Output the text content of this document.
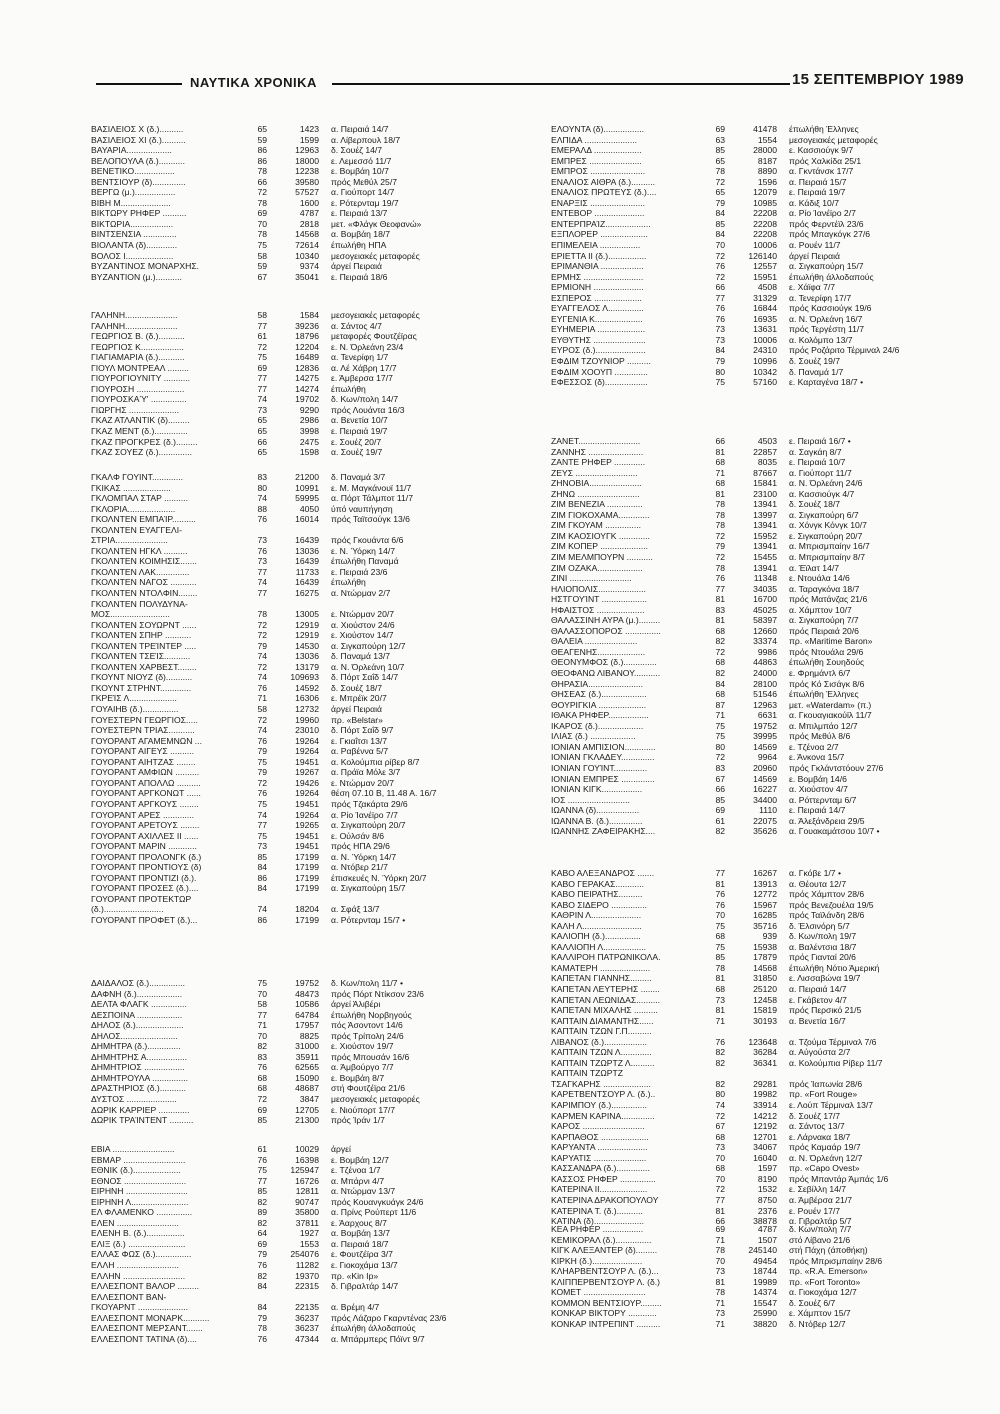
ΝΑΥΤΙΚΑ ΧΡΟΝΙΚΑ	15 ΣΕΠΤΕΜΒΡΙΟΥ 1989
ΒΑΣΙΛΕΙΟΣ Χ (δ.)..........	65	1423 α. Πειραιά 14/7
ΒΑΣΙΛΕΙΟΣ ΧΙ (δ.)..........	59	1599 α. Λίβερπουλ 18/7
ΒΑΥΑΡΙΑ...................	86	12963 δ. Σουέζ 14/7
ΒΕΛΟΠΟΥΛΑ (δ.)...........	86	18000 ε. Λεμεσσό 11/7
ΒΕΝΕΤΙΚΟ.................	78	12238 ε. Βομβάη 10/7
ΒΕΝΤΣΙΟΥΡ (δ)..............	66	39580 πρός Μεθύλ 25/7
ΒΕΡΓΩ (μ.).................	72	57527 α. Γιούπορτ 14/7
ΒΙΒΗ Μ.....................	78	1600 ε. Ρότερνταμ 19/7
ΒΙΚΤΩΡΥ ΡΗΦΕΡ ..........	69	4787 ε. Πειραιά 13/7
ΒΙΚΤΩΡΙΑ..................	70	2818 μετ. «Φλάγκ Θεοφανώ»
ΒΙΝΤΣΕΝΣΙΑ ..............	78	14568 α. Βομβάη 18/7
ΒΙΟΛΑΝΤΑ (δ).............	75	72614 έπωλήθη ΗΠΑ
ΒΟΛΟΣ Ι....................	58	10340 μεσογειακές μεταφορές
ΒΥΖΑΝΤΙΝΟΣ ΜΟΝΑΡΧΗΣ.	59	9374 άργεί Πειραιά
ΒΥΖΑΝΤΙΟΝ (μ.)...........	67	35041 ε. Πειραιά 18/6
ΓΑΛΗΝΗ......................	58	1584 μεσογειακές μεταφορές
ΓΑΛΗΝΗ......................	77	39236 α. Σάντος 4/7
ΓΕΩΡΓΙΟΣ Β. (δ.)...........	61	18796 μεταφορές Φουτζέϊρας
ΓΕΩΡΓΙΟΣ Κ..................	72	12204 ε. Ν. Όρλεάνη 23/4
ΓΙΑΓΙΑΜΑΡΙΑ (δ.)...........	75	16489 α. Τενερίφη 1/7
ΓΙΟΥΛ ΜΟΝΤΡΕΑΛ .........	69	12836 α. Λέ Χάβρη 17/7
ΓΙΟΥΡΟΓΙΟΥΝΙΤΥ ...........	77	14275 ε. Άμβερσα 17/7
ΓΙΟΥΡΟΣΗ ....................	77	14274 έπωλήθη
ΓΙΟΥΡΟΣΚΑΎ' ...............	74	19702 δ. Κων/πολη 14/7
ΓΙΩΡΓΗΣ .....................	73	9290 πρός Λουάντα 16/3
ΓΚΑΖ ΑΤΛΑΝΤΙΚ (δ).........	65	2986 α. Βενετία 10/7
ΓΚΑΖ ΜΕΝΤ (δ.)..............	65	3998 ε. Πειραιά 19/7
ΓΚΑΖ ΠΡΟΓΚΡΕΣ (δ.).........	66	2475 ε. Σουέζ 20/7
ΓΚΑΖ ΣΟΥΕΖ (δ.)..............	65	1598 α. Σουέζ 19/7
ΓΚΑΛΦ ΓΟΥΙΝΤ.............	83	21200 δ. Παναμά 3/7
ΓΚΙΚΑΣ ....................	80	10991 ε. Μ. Μαγκάνουϊ 11/7
ΓΚΛΟΜΠΑΛ ΣΤΑΡ ..........	74	59995 α. Πόρτ Τάλμποτ 11/7
ΓΚΛΟΡΙΑ....................	88	4050 ύπό ναυπήγηση
ΓΚΟΛΝΤΕΝ ΕΜΠΑΊΡ..........	76	16014 πρός Ταϊτσούγκ 13/6
ΓΚΟΛΝΤΕΝ ΕΥΑΓΓΕΛΙ-
ΣΤΡΙΑ......................	73	16439 πρός Γκουάντα 6/6
ΓΚΟΛΝΤΕΝ ΗΓΚΛ ..........	76	13036 ε. Ν. Ύόρκη 14/7
ΓΚΟΛΝΤΕΝ ΚΟΙΜΗΣΙΣ.......	73	16439 έπωλήθη Παναμά
ΓΚΟΛΝΤΕΝ ΛΑΚ..............	77	11733 ε. Πειραιά 23/6
ΓΚΟΛΝΤΕΝ ΝΑΓΟΣ ...........	74	16439 έπωλήθη
ΓΚΟΛΝΤΕΝ ΝΤΟΛΦΙΝ........	77	16275 α. Ντώρμαν 2/7
ΓΚΟΛΝΤΕΝ ΠΟΛΥΔΥΝΑ-
ΜΟΣ.........................	78	13005 ε. Ντώρμαν 20/7
ΓΚΟΛΝΤΕΝ ΣΟΥΩΡΝΤ ......	72	12919 α. Χιούστον 24/6
ΓΚΟΛΝΤΕΝ ΣΠΗΡ ...........	72	12919 ε. Χιούστον 14/7
ΓΚΟΛΝΤΕΝ ΤΡΕΊΝΤΕΡ .....	79	14530 α. Σιγκαπούρη 12/7
ΓΚΟΛΝΤΕΝ ΤΣΕΊΣ...........	74	13036 δ. Παναμά 13/7
ΓΚΟΛΝΤΕΝ ΧΑΡΒΕΣΤ........	72	13179 α. Ν. Όρλεάνη 10/7
ΓΚΟΥΝΤ ΝΙΟΥΖ (δ)...........	74	109693 δ. Πόρτ Σαΐδ 14/7
ΓΚΟΥΝΤ ΣΤΡΗΝΤ.............	76	14592 δ. Σουέζ 18/7
ΓΚΡΕΊΣ Λ....................	71	16306 ε. Μπρέϊκ 20/7
ΓΟΥΑΙΗΒ (δ.)...............	58	12732 άργεί Πειραιά
ΓΟΥΕΣΤΕΡΝ ΓΕΩΡΓΙΟΣ.....	72	19960 πρ. «Belstar»
ΓΟΥΕΣΤΕΡΝ ΤΡΙΑΣ...........	74	23010 δ. Πόρτ Σαΐδ 9/7
ΓΟΥΟΡΑΝΤ ΑΓΑΜΕΜΝΩΝ ...	76	19264 ε. Γκιαΐτσι 13/7
ΓΟΥΟΡΑΝΤ ΑΙΓΕΥΣ ..........	79	19264 α. Ραβέννα 5/7
ΓΟΥΟΡΑΝΤ ΑΙΗΤΖΑΣ ........	75	19451 α. Κολούμπια ρίβερ 8/7
ΓΟΥΟΡΑΝΤ ΑΜΦΙΩΝ ..........	79	19267 α. Πράϊα Μόλε 3/7
ΓΟΥΟΡΑΝΤ ΑΠΟΛΛΩ ..........	72	19426 ε. Ντώρμαν 20/7
ΓΟΥΟΡΑΝΤ ΑΡΓΚΟΝΩΤ ......	76	19264 θέση 07.10 Β, 11.48 Α. 16/7
ΓΟΥΟΡΑΝΤ ΑΡΓΚΟΥΣ ........	75	19451 πρός Τζακάρτα 29/6
ΓΟΥΟΡΑΝΤ ΑΡΕΣ .............	74	19264 α. Ρίο Ίανέϊρο 7/7
ΓΟΥΟΡΑΝΤ ΑΡΕΤΟΥΣ ........	77	19265 α. Σιγκαπούρη 20/7
ΓΟΥΟΡΑΝΤ ΑΧΙΛΛΕΣ ΙΙ ......	75	19451 ε. Ούλσάν 8/6
ΓΟΥΟΡΑΝΤ ΜΑΡΙΝ ............	73	19451 πρός ΗΠΑ 29/6
ΓΟΥΟΡΑΝΤ ΠΡΟΛΟΝΓΚ (δ.)	85	17199 α. Ν. Ύόρκη 14/7
ΓΟΥΟΡΑΝΤ ΠΡΟΝΤΙΟΥΣ (δ)	84	17199 α. Ντόβερ 21/7
ΓΟΥΟΡΑΝΤ ΠΡΟΝΤΙΖΙ (δ.).	86	17199 έπισκευές Ν. Ύόρκη 20/7
ΓΟΥΟΡΑΝΤ ΠΡΟΣΕΣ (δ.)....	84	17199 α. Σιγκαπούρη 15/7
ΓΟΥΟΡΑΝΤ ΠΡΟΤΕΚΤΩΡ
(δ.).........................	74	18204 α. Σφάξ 13/7
ΓΟΥΟΡΑΝΤ ΠΡΟΦΕΤ (δ.)...	86	17199 α. Ρότερνταμ 15/7 •
ΔΑΙΔΑΛΟΣ (δ.)...............	75	19752 δ. Κων/πολη 11/7 •
ΔΑΦΝΗ (δ.)...................	70	48473 πρός Πόρτ Ντίκσον 23/6
ΔΕΛΤΑ ΦΛΑΓΚ ...............	58	10586 άργεί Άλιβέρι
ΔΕΣΠΟΙΝΑ ...................	77	64784 έπωλήθη Νορβηγούς
ΔΗΛΟΣ (δ.)....................	71	17957 πός Άσοντοντ 14/6
ΔΗΛΟΣ........................	70	8825 πρός Τρίπολη 24/6
ΔΗΜΗΤΡΑ (δ.)..............	82	31000 ε. Χιούστον 19/7
ΔΗΜΗΤΡΗΣ Α.................	83	35911 πρός Μπουσάν 16/6
ΔΗΜΗΤΡΙΟΣ .................	76	62565 α. Άμβούργο 7/7
ΔΗΜΗΤΡΟΥΛΑ ...............	68	15090 ε. Βομβάη 8/7
ΔΡΑΣΤΗΡΙΟΣ (δ.)...........	68	48687 στή Φουτζέϊρα 21/6
ΔΥΣΤΟΣ .....................	72	3847 μεσογειακές μεταφορές
ΔΩΡΙΚ ΚΑΡΡΙΕΡ .............	69	12705 ε. Νιούπορτ 17/7
ΔΩΡΙΚ ΤΡΑΊΝΤΕΝΤ ..........	85	21300 πρός Ίράν 1/7
ΕΒΙΑ ..........................	61	10029 άργεί
ΕΒΜΑΡ ..........................	76	16398 ε. Βομβάη 12/7
ΕΘΝΙΚ (δ.)....................	75	125947 ε. Τζένοα 1/7
ΕΘΝΟΣ ..........................	77	16726 α. Μπάρνι 4/7
ΕΙΡΗΝΗ ..........................	85	12811 α. Ντώρμαν 13/7
ΕΙΡΗΝΗ Λ........................	82	90747 πρός Κουανγκυάγκ 24/6
ΕΛ ΦΛΑΜΕΝΚΟ ...............	89	35800 α. Πρίνς Ρούπερτ 11/6
ΕΛΕΝ ..........................	82	37811 ε. Άαρχους 8/7
ΕΛΕΝΗ Β. (δ.)................	64	1927 α. Βομβάη 13/7
ΕΛΙΞ (δ.) ........................	69	1553 α. Πειραιά 18/7
ΕΛΛΑΣ ΦΩΣ (δ.)...............	79	254076 ε. Φουτζέϊρα 3/7
ΕΛΛΗ ..........................	76	11282 ε. Γιοκοχάμα 13/7
ΕΛΛΗΝ ..........................	82	19370 πρ. «Kin Ip»
ΕΛΛΕΣΠΟΝΤ ΒΑΛΟΡ .........	84	22315 δ. Γιβραλτάρ 14/7
ΕΛΛΕΣΠΟΝΤ ΒΑΝ-
ΓΚΟΥΑΡΝΤ .....................	84	22135 α. Βρέμη 4/7
ΕΛΛΕΣΠΟΝΤ ΜΟΝΑΡΚ...........	79	36237 πρός Λάζαρο Γκαρντένας 23/6
ΕΛΛΕΣΠΟΝΤ ΜΕΡΣΑΝΤ.......	78	36237 έπωλήθη άλλοδαπούς
ΕΛΛΕΣΠΟΝΤ ΤΑΤΙΝΑ (δ)....	76	47344 α. Μπάρμπερς Πόϊντ 9/7
ΕΛΟΥΝΤΑ (δ).................	69	41478 έπωλήθη Έλληνες
ΕΛΠΙΔΑ ......................	63	1554 μεσογειακές μεταφορές
ΕΜΕΡΑΛΔ ....................	85	28000 ε. Κασσιούγκ 9/7
ΕΜΠΡΕΣ ......................	65	8187 πρός Χαλκίδα 25/1
ΕΜΠΡΟΣ .......................	78	8890 α. Γκντάνσκ 17/7
ΕΝΑΛΙΟΣ ΑΙΘΡΑ (δ.)..........	72	1596 α. Πειραιά 15/7
ΕΝΑΛΙΟΣ ΠΡΩΤΕΥΣ (δ.)....	65	12079 ε. Πειραιά 19/7
ΕΝΑΡΞΙΣ .......................	79	10985 α. Κάδιξ 10/7
ΕΝΤΕΒΟΡ .....................	84	22208 α. Ρίο Ίανέϊρο 2/7
ΕΝΤΕΡΠΡΑΊΖ...................	85	22208 πρός Φερντέϊλ 23/6
ΕΞΠΛΟΡΕΡ ....................	84	22208 πρός Μπαγκόγκ 27/6
ΕΠΙΜΕΛΕΙΑ .................	70	10006 α. Ρουέν 11/7
ΕΡΙΕΤΤΑ ΙΙ (δ.)................	72	126140 άργεί Πειραιά
ΕΡΙΜΑΝΘΙΑ ..................	76	12557 α. Σιγκαπούρη 15/7
ΕΡΜΗΣ .........................	72	15951 έπωλήθη άλλοδαπούς
ΕΡΜΙΟΝΗ .....................	66	4508 ε. Χάϊφα 7/7
ΕΣΠΕΡΟΣ ....................	77	31329 α. Τενερίφη 17/7
ΕΥΑΓΓΕΛΟΣ Λ...............	76	16844 πρός Κασσιούγκ 19/6
ΕΥΓΕΝΙΑ Κ....................	76	16935 α. Ν. Όρλεάνη 16/7
ΕΥΗΜΕΡΙΑ ....................	73	13631 πρός Τεργέστη 11/7
ΕΥΘΥΤΗΣ ......................	73	10006 α. Κολόμπο 13/7
ΕΥΡΟΣ (δ.).....................	84	24310 πρός Ροζάριτο Τέρμιναλ 24/6
ΕΦΔΙΜ ΤΖΟΥΝΙΟΡ ..........	79	10996 δ. Σουέζ 19/7
ΕΦΔΙΜ ΧΟΟΥΠ ..............	80	10342 δ. Παναμά 1/7
ΕΦΕΣΣΟΣ (δ)..................	75	57160 ε. Καρταγένα 18/7 •
ΖΑΝΕΤ..........................	66	4503 ε. Πειραιά 16/7 •
ΖΑΝΝΗΣ .......................	81	22857 α. Σαγκάη 8/7
ΖΑΝΤΕ ΡΗΦΕΡ .............	68	8035 ε. Πειραιά 10/7
ΖΕΥΣ ..........................	71	87667 α. Γιούπορτ 11/7
ΖΗΝΟΒΙΑ......................	68	15841 α. Ν. Όρλεάνη 24/6
ΖΗΝΩ ..........................	81	23100 α. Κασσιούγκ 4/7
ΖΙΜ ΒΕΝΕΖΙΑ ...............	78	13941 δ. Σουέζ 18/7
ΖΙΜ ΓΙΟΚΟΧΑΜΑ.............	78	13997 α. Σιγκαπούρη 6/7
ΖΙΜ ΓΚΟΥΑΜ ...............	78	13941 α. Χόνγκ Κόνγκ 10/7
ΖΙΜ ΚΑΟΣΙΟΥΓΚ .............	72	15952 ε. Σιγκαπούρη 20/7
ΖΙΜ ΚΟΠΕΡ ....................	79	13941 α. Μπρισμπαίην 16/7
ΖΙΜ ΜΕΛΜΠΟΥΡΝ ...........	72	15455 α. Μπρισμπαίην 8/7
ΖΙΜ ΟΖΑΚΑ...................	78	13941 α. Έϊλατ 14/7
ΖΙΝΙ ..........................	76	11348 ε. Ντουάλα 14/6
ΗΛΙΟΠΟΛΙΣ....................	77	34035 α. Ταραγκόνα 18/7
ΗΣΤΓΟΥΊΝΤ ...................	81	16700 πρός Ματάνζας 21/6
ΗΦΑΙΣΤΟΣ ....................	83	45025 α. Χάμπτον 10/7
ΘΑΛΑΣΣΙΝΗ ΑΥΡΑ (μ.).........	81	58397 α. Σιγκαπούρη 7/7
ΘΑΛΑΣΣΟΠΟΡΟΣ ...............	68	12660 πρός Πειραιά 20/6
ΘΑΛΕΙΑ ......................	82	33374 πρ. «Maritime Baron»
ΘΕΑΓΕΝΗΣ....................	72	9986 πρός Ντουάλα 29/6
ΘΕΟΝΥΜΦΟΣ (δ.)..............	68	44863 έπωλήθη Σουηδούς
ΘΕΟΦΑΝΩ ΛΙΒΑΝΟΥ...........	82	24000 ε. Φρημάντλ 6/7
ΘΗΡΑΣΙΑ.......................	84	28100 πρός Κό Σισάγκ 8/6
ΘΗΣΕΑΣ (δ.)...................	68	51546 έπωλήθη Έλληνες
ΘΟΥΡΙΓΚΙΑ ....................	87	12963 μετ. «Waterdam» (π.)
ΙΘΑΚΑ ΡΗΦΕΡ.................	71	6631 α. Γκουαγιακούϊλ 11/7
ΙΚΑΡΟΣ (δ.)...................	75	19752 α. Μπιλμπάο 12/7
ΙΛΙΑΣ (δ.) ...................	75	39995 πρός Μεθύλ 8/6
ΙΟΝΙΑΝ ΑΜΠΙΣΙΟΝ.............	80	14569 ε. Τζένοα 2/7
ΙΟΝΙΑΝ ΓΚΛΑΔΕΥ..............	72	9964 ε. Άνκονα 15/7
ΙΟΝΙΑΝ ΓΟΥΊΝΤ..............	83	20960 πρός Γκλάντστόουν 27/6
ΙΟΝΙΑΝ ΕΜΠΡΕΣ ..............	67	14569 ε. Βομβάη 14/6
ΙΟΝΙΑΝ ΚΙΓΚ.................	66	16227 α. Χιούστον 4/7
ΙΟΣ ..........................	85	34400 α. Ρόττερνταμ 6/7
ΙΩΑΝΝΑ (δ)..................	69	1110 ε. Πειραιά 14/7
ΙΩΑΝΝΑ Β. (δ.)..............	61	22075 α. Άλεξάνδρεια 29/5
ΙΩΑΝΝΗΣ ΖΑΦΕΙΡΑΚΗΣ....	82	35626 α. Γουακαμάτσου 10/7 •
ΚΑΒΟ ΑΛΕΞΑΝΔΡΟΣ .......	77	16267 α. Γκόβε 1/7 •
ΚΑΒΟ ΓΕΡΑΚΑΣ............	81	13913 α. Θέουτα 12/7
ΚΑΒΟ ΠΕΙΡΑΤΗΣ..........	76	12772 πρός Χάμπτον 28/6
ΚΑΒΟ ΣΙΔΕΡΟ ...............	76	15967 πρός Βενεζουέλα 19/5
ΚΑΘΡΙΝ Λ.....................	70	16285 πρός Ταϊλάνδη 28/6
ΚΑΛΗ Λ.........................	75	35716 δ. Έλσινόρη 5/7
ΚΑΛΙΟΠΗ (δ.)...............	68	939 δ. Κων/πολη 19/7
ΚΑΛΛΙΟΠΗ Λ..................	75	15938 α. Βαλέντσια 18/7
ΚΑΛΛΙΡΟΗ ΠΑΤΡΩΝΙΚΟΛΑ.	85	17879 πρός Γιανταί 20/6
ΚΑΜΑΤΕΡΗ .....................	78	14568 έπωλήθη Νότιο Άμερική
ΚΑΠΕΤΑΝ ΓΙΑΝΝΗΣ.........	81	31850 ε. Λισσαβώνα 19/7
ΚΑΠΕΤΑΝ ΛΕΥΤΕΡΗΣ ........	68	25120 α. Πειραιά 14/7
ΚΑΠΕΤΑΝ ΛΕΩΝΙΔΑΣ..........	73	12458 ε. Γκάβετον 4/7
ΚΑΠΕΤΑΝ ΜΙΧΑΛΗΣ ..........	81	15819 πρός Περσικό 21/5
ΚΑΠΤΑΙΝ ΔΙΑΜΑΝΤΗΣ......	71	30193 α. Βενετία 16/7
ΚΑΠΤΑΙΝ ΤΖΩΝ Γ.Π..........
ΛΙΒΑΝΟΣ (δ.)..................	76	123648 α. Τζούμα Τέρμιναλ 7/6
ΚΑΠΤΑΙΝ ΤΖΩΝ Λ.............	82	36284 α. Αύγούστα 2/7
ΚΑΠΤΑΙΝ ΤΖΩΡΤΖ Λ..........	82	36341 α. Κολούμπια Ρίβερ 11/7
ΚΑΠΤΑΙΝ ΤΖΩΡΤΖ
ΤΣΑΓΚΑΡΗΣ ....................	82	29281 πρός Ίαπωνία 28/6
ΚΑΡΕΤΒΕΝΤΣΟΥΡ Λ. (δ.)..	80	19982 πρ. «Fort Rouge»
ΚΑΡΙΜΠΟΥ (δ.)...............	74	33914 ε. Λούπ Τέρμιναλ 13/7
ΚΑΡΜΕΝ ΚΑΡΙΝΑ..............	72	14212 δ. Σουέζ 17/7
ΚΑΡΟΣ ..........................	67	12192 α. Σάντος 13/7
ΚΑΡΠΑΘΟΣ ....................	68	12701 ε. Λάρνακα 18/7
ΚΑΡΥΑΝΤΑ .....................	73	34067 πρός Καμαάρ 19/7
ΚΑΡΥΑΤΙΣ ......................	70	16040 α. Ν. Όρλεάνη 12/7
ΚΑΣΣΑΝΔΡΑ (δ.)..............	68	1597 πρ. «Capo Ovest»
ΚΑΣΣΟΣ ΡΗΦΕΡ ...............	70	8190 πρός Μπαντάρ Άμπάς 1/6
ΚΑΤΕΡΙΝΑ ΙΙ....................	72	1532 ε. Σεβίλλη 14/7
ΚΑΤΕΡΙΝΑ ΔΡΑΚΟΠΟΥΛΟΥ	77	8750 α. Άμβέρσα 21/7
ΚΑΤΕΡΙΝΑ Τ. (δ.)...........	81	2376 ε. Ρουέν 17/7
ΚΑΤΙΝΑ (δ).....................	66	38878 α. Γιβραλτάρ 5/7
ΚΕΑ ΡΗΦΕΡ .................	69	4787 δ. Κων/πολη 7/7
ΚΕΜΙΚΟΡΑΛ (δ.)...............	71	1507 στό Λίβανο 21/6
ΚΙΓΚ ΑΛΕΞΑΝΤΕΡ (δ).........	78	245140 στή Πάχη (άποθήκη)
ΚΙΡΚΗ (δ.).....................	70	49454 πρός Μπρισμπαίην 28/6
ΚΛΗΑΡΒΕΝΤΣΟΥΡ Λ. (δ.)...	73	18744 πρ. «R.A. Emerson»
ΚΛΙΠΠΕΡΒΕΝΤΣΟΥΡ Λ. (δ.)	81	19989 πρ. «Fort Toronto»
ΚΟΜΕΤ ..........................	78	14374 α. Γιοκοχάμα 12/7
ΚΟΜΜΟΝ ΒΕΝΤΣΙΟΥΡ.........	71	15547 δ. Σουέζ 6/7
ΚΟΝΚΑΡ ΒΙΚΤΟΡΥ ............	73	25990 ε. Χάμπτον 15/7
ΚΟΝΚΑΡ ΙΝΤΡΕΠΙΝΤ ..........	71	38820 δ. Ντόβερ 12/7
